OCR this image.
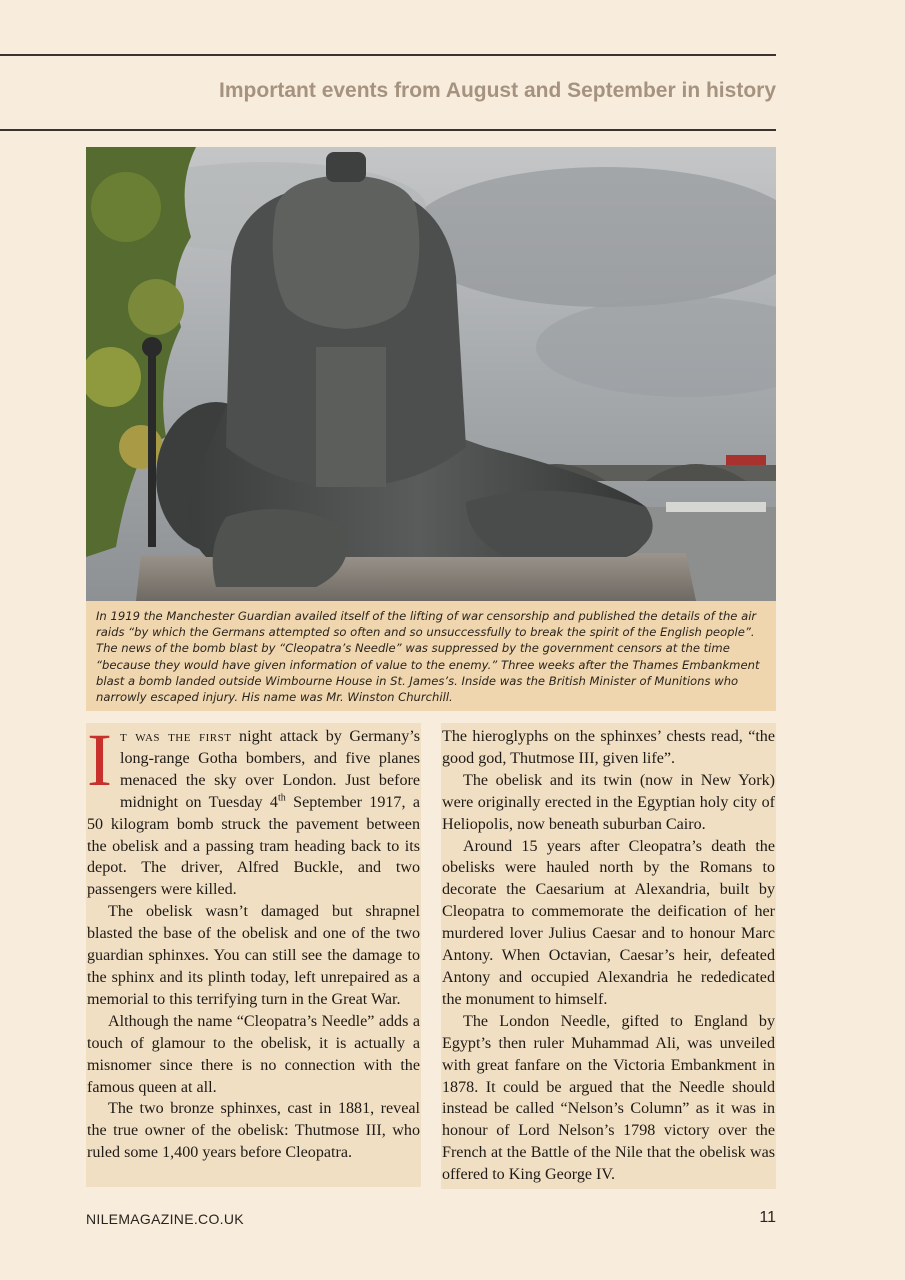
Important events from August and September in history

In 1919 the Manchester Guardian availed itself of the lifting of war censorship and published the details of the air raids “by which the Germans attempted so often and so unsuccessfully to break the spirit of the English people”. The news of the bomb blast by “Cleopatra’s Needle” was suppressed by the government censors at the time “because they would have given information of value to the enemy.” Three weeks after the Thames Embankment blast a bomb landed outside Wimbourne House in St. James’s. Inside was the British Minister of Munitions who narrowly escaped injury. His name was Mr. Winston Churchill.

It was the first night attack by Germany’s long-range Gotha bombers, and five planes menaced the sky over London. Just before midnight on Tuesday 4th September 1917, a 50 kilogram bomb struck the pavement between the obelisk and a passing tram heading back to its depot. The driver, Alfred Buckle, and two passengers were killed.

The obelisk wasn’t damaged but shrapnel blasted the base of the obelisk and one of the two guardian sphinxes. You can still see the damage to the sphinx and its plinth today, left unrepaired as a memorial to this terrifying turn in the Great War.

Although the name “Cleopatra’s Needle” adds a touch of glamour to the obelisk, it is actually a misnomer since there is no connection with the famous queen at all.

The two bronze sphinxes, cast in 1881, reveal the true owner of the obelisk: Thutmose III, who ruled some 1,400 years before Cleopatra.

The hieroglyphs on the sphinxes’ chests read, “the good god, Thutmose III, given life”.

The obelisk and its twin (now in New York) were originally erected in the Egyptian holy city of Heliopolis, now beneath suburban Cairo.

Around 15 years after Cleopatra’s death the obelisks were hauled north by the Romans to decorate the Caesarium at Alexandria, built by Cleopatra to commemorate the deification of her murdered lover Julius Caesar and to honour Marc Antony. When Octavian, Caesar’s heir, defeated Antony and occupied Alexandria he rededicated the monument to himself.

The London Needle, gifted to England by Egypt’s then ruler Muhammad Ali, was unveiled with great fanfare on the Victoria Embankment in 1878. It could be argued that the Needle should instead be called “Nelson’s Column” as it was in honour of Lord Nelson’s 1798 victory over the French at the Battle of the Nile that the obelisk was offered to King George IV.

NILEMAGAZINE.CO.UK	11
